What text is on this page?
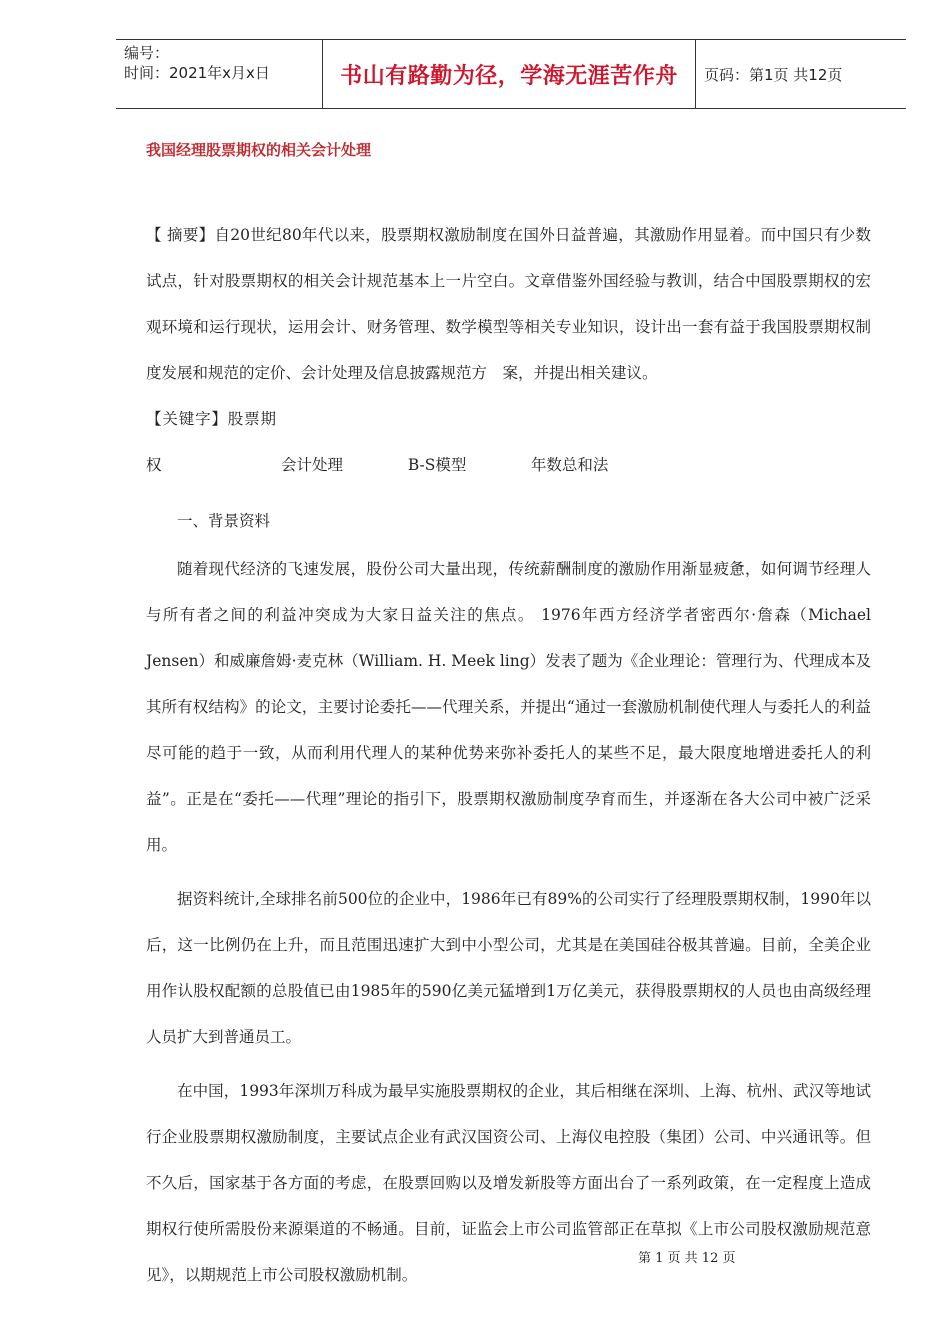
编号：
时间：2021年x月x日	书山有路勤为径，学海无涯苦作舟	页码：第1页 共12页
我国经理股票期权的相关会计处理

【 摘要】自20世纪80年代以来，股票期权激励制度在国外日益普遍，其激励作用显着。而中国只有少数试点，针对股票期权的相关会计规范基本上一片空白。文章借鉴外国经验与教训，结合中国股票期权的宏观环境和运行现状，运用会计、财务管理、数学模型等相关专业知识，设计出一套有益于我国股票期权制度发展和规范的定价、会计处理及信息披露规范方　案，并提出相关建议。

【关键字】股票期权	会计处理	B-S模型	年数总和法

一、背景资料

随着现代经济的飞速发展，股份公司大量出现，传统薪酬制度的激励作用渐显疲惫，如何调节经理人与所有者之间的利益冲突成为大家日益关注的焦点。 1976年西方经济学者密西尔·詹森（Michael Jensen）和威廉詹姆·麦克林（William. H. Meek ling）发表了题为《企业理论：管理行为、代理成本及其所有权结构》的论文，主要讨论委托——代理关系，并提出“通过一套激励机制使代理人与委托人的利益尽可能的趋于一致，从而利用代理人的某种优势来弥补委托人的某些不足，最大限度地增进委托人的利益”。正是在“委托——代理”理论的指引下，股票期权激励制度孕育而生，并逐渐在各大公司中被广泛采用。

据资料统计,全球排名前500位的企业中，1986年已有89%的公司实行了经理股票期权制，1990年以后，这一比例仍在上升，而且范围迅速扩大到中小型公司，尤其是在美国硅谷极其普遍。目前，全美企业用作认股权配额的总股值已由1985年的590亿美元猛增到1万亿美元，获得股票期权的人员也由高级经理人员扩大到普通员工。

在中国，1993年深圳万科成为最早实施股票期权的企业，其后相继在深圳、上海、杭州、武汉等地试行企业股票期权激励制度，主要试点企业有武汉国资公司、上海仪电控股（集团）公司、中兴通讯等。但不久后，国家基于各方面的考虑，在股票回购以及增发新股等方面出台了一系列政策，在一定程度上造成期权行使所需股份来源渠道的不畅通。目前，证监会上市公司监管部正在草拟《上市公司股权激励规范意见》，以期规范上市公司股权激励机制。

第 1 页 共 12 页
